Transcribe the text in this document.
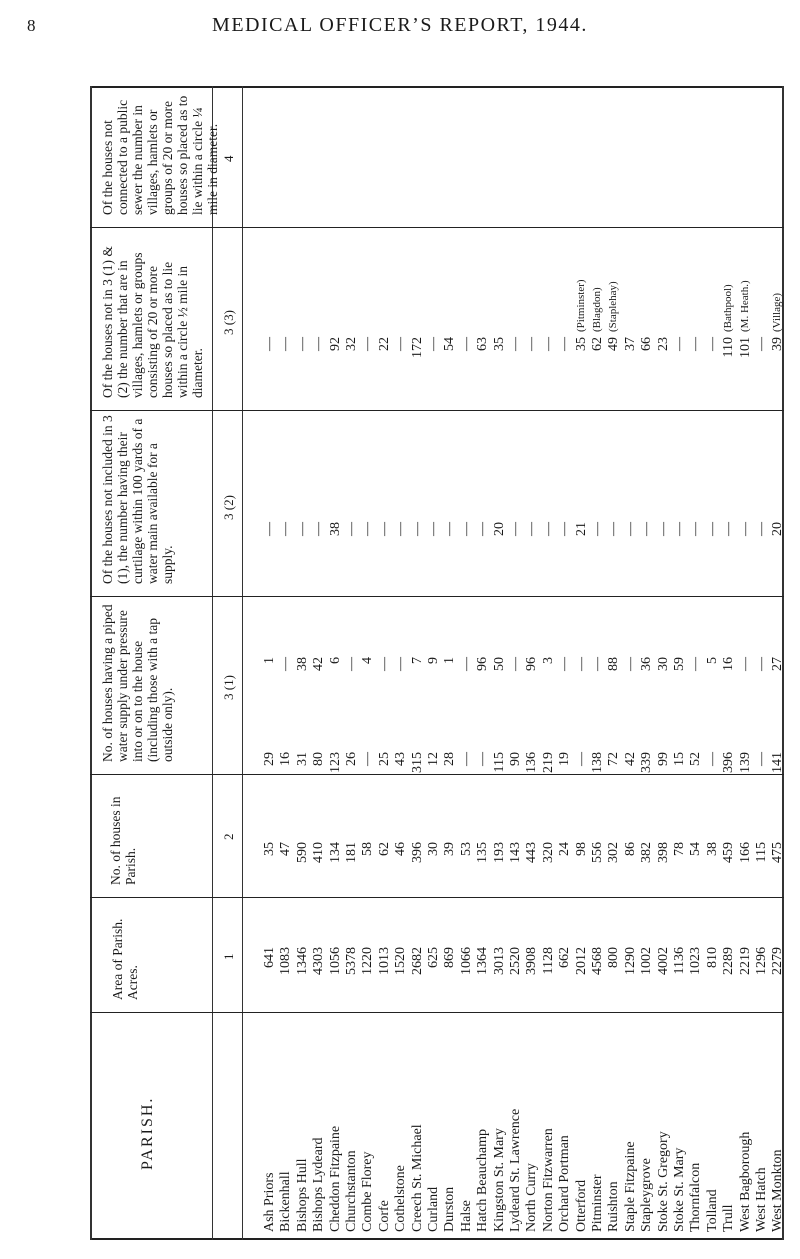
8	MEDICAL OFFICER’S REPORT, 1944.
PARISH.
Area of Parish. Acres.
No. of houses in Parish.
No. of houses having a piped water supply under pressure into or on to the house (including those with a tap outside only).
Of the houses not included in 3 (1), the number having their curtilage within 100 yards of a water main available for a supply.
Of the houses not in 3 (1) & (2) the number that are in villages, hamlets or groups consisting of 20 or more houses so placed as to lie within a circle ½ mile in diameter.
Of the houses not connected to a public sewer the number in villages, hamlets or groups of 20 or more houses so placed as to lie within a circle ¼ mile in diameter.
1
2
3 (1)
3 (2)
3 (3)
4
Ash Priors
641
35
29
1
—
—
Bickenhall
1083
47
16
—
—
—
Bishops Hull
1346
590
31
38
—
—
Bishops Lydeard
4303
410
80
42
—
—
Cheddon Fitzpaine
1056
134
123
6
38
92
Churchstanton
5378
181
26
—
—
32
Combe Florey
1220
58
—
4
—
—
Corfe
1013
62
25
—
—
22
Cothelstone
1520
46
43
—
—
—
Creech St. Michael
2682
396
315
7
—
172
Curland
625
30
12
9
—
—
Durston
869
39
28
1
—
54
Halse
1066
53
—
—
—
—
Hatch Beauchamp
1364
135
—
96
—
63
Kingston St. Mary
3013
193
115
50
20
35
Lydeard St. Lawrence
2520
143
90
—
—
—
North Curry
3908
443
136
96
—
—
Norton Fitzwarren
1128
320
219
3
—
—
Orchard Portman
662
24
19
—
—
—
Otterford
2012
98
—
—
21
35
(Pitminster)
Pitminster
4568
556
138
—
—
62
(Blagdon)
Ruishton
800
302
72
88
—
49
(Staplehay)
Staple Fitzpaine
1290
86
42
—
—
37
Stapleygrove
1002
382
339
36
—
66
Stoke St. Gregory
4002
398
99
30
—
23
Stoke St. Mary
1136
78
15
59
—
—
Thornfalcon
1023
54
52
—
—
—
Tolland
810
38
—
5
—
—
Trull
2289
459
396
16
—
110
(Bathpool)
West Bagborough
2219
166
139
—
—
101
(M. Heath.)
West Hatch
1296
115
—
—
—
—
West Monkton
2279
475
141
27
20
39
(Village)
